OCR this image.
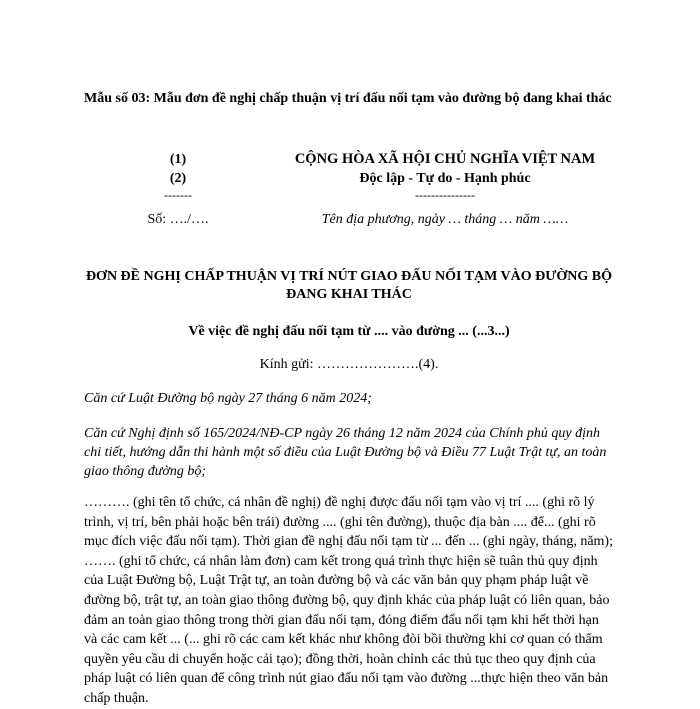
Mẫu số 03: Mẫu đơn đề nghị chấp thuận vị trí đấu nối tạm vào đường bộ đang khai thác
(1)
(2)
-------
CỘNG HÒA XÃ HỘI CHỦ NGHĨA VIỆT NAM
Độc lập - Tự do - Hạnh phúc
---------------
Số: …./….	Tên địa phương, ngày … tháng … năm ……
ĐƠN ĐỀ NGHỊ CHẤP THUẬN VỊ TRÍ NÚT GIAO ĐẤU NỐI TẠM VÀO ĐƯỜNG BỘ ĐANG KHAI THÁC
Về việc đề nghị đấu nối tạm từ .... vào đường ... (...3...)
Kính gửi: ………………….(4).
Căn cứ Luật Đường bộ ngày 27 tháng 6 năm 2024;
Căn cứ Nghị định số 165/2024/NĐ-CP ngày 26 tháng 12 năm 2024 của Chính phủ quy định chi tiết, hướng dẫn thi hành một số điều của Luật Đường bộ và Điều 77 Luật Trật tự, an toàn giao thông đường bộ;
………. (ghi tên tổ chức, cá nhân đề nghị) đề nghị được đấu nối tạm vào vị trí .... (ghi rõ lý trình, vị trí, bên phải hoặc bên trái) đường .... (ghi tên đường), thuộc địa bàn .... để... (ghi rõ mục đích việc đấu nối tạm). Thời gian đề nghị đấu nối tạm từ ... đến ... (ghi ngày, tháng, năm); ……. (ghi tổ chức, cá nhân làm đơn) cam kết trong quá trình thực hiện sẽ tuân thủ quy định của Luật Đường bộ, Luật Trật tự, an toàn đường bộ và các văn bản quy phạm pháp luật về đường bộ, trật tự, an toàn giao thông đường bộ, quy định khác của pháp luật có liên quan, bảo đảm an toàn giao thông trong thời gian đấu nối tạm, đóng điểm đấu nối tạm khi hết thời hạn và các cam kết ... (... ghi rõ các cam kết khác như không đòi bồi thường khi cơ quan có thẩm quyền yêu cầu di chuyển hoặc cải tạo); đồng thời, hoàn chỉnh các thủ tục theo quy định của pháp luật có liên quan để công trình nút giao đấu nối tạm vào đường ...thực hiện theo văn bản chấp thuận.
